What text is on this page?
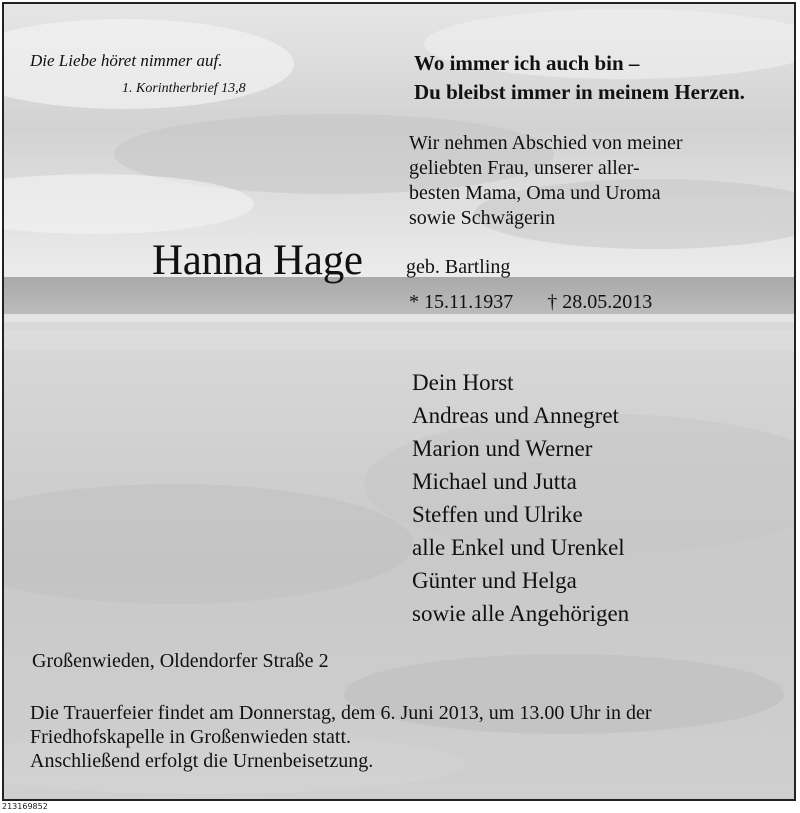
Die Liebe höret nimmer auf.

1. Korintherbrief 13,8

Wo immer ich auch bin –
Du bleibst immer in meinem Herzen.
Wir nehmen Abschied von meiner
geliebten Frau, unserer aller-
besten Mama, Oma und Uroma
sowie Schwägerin

Hanna Hage geb. Bartling

* 15.11.1937 † 28.05.2013

Dein Horst
Andreas und Annegret
Marion und Werner
Michael und Jutta
Steffen und Ulrike
alle Enkel und Urenkel
Günter und Helga
sowie alle Angehörigen

Großenwieden, Oldendorfer Straße 2

Die Trauerfeier findet am Donnerstag, dem 6. Juni 2013, um 13.00 Uhr in der
Friedhofskapelle in Großenwieden statt.
Anschließend erfolgt die Urnenbeisetzung.
213169852
